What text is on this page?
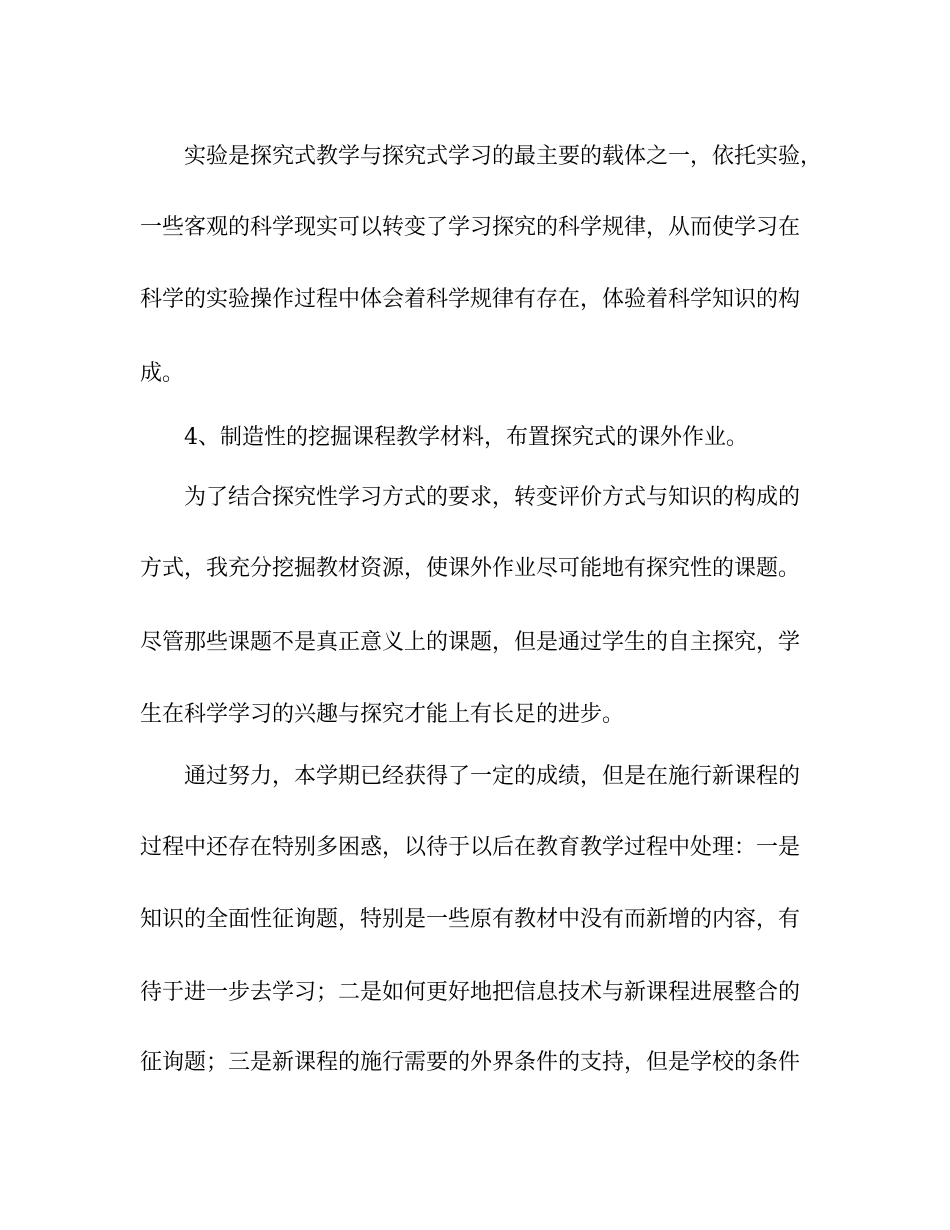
实验是探究式教学与探究式学习的最主要的载体之一，依托实验，

一些客观的科学现实可以转变了学习探究的科学规律，从而使学习在

科学的实验操作过程中体会着科学规律有存在，体验着科学知识的构

成。

4、制造性的挖掘课程教学材料，布置探究式的课外作业。

为了结合探究性学习方式的要求，转变评价方式与知识的构成的

方式，我充分挖掘教材资源，使课外作业尽可能地有探究性的课题。

尽管那些课题不是真正意义上的课题，但是通过学生的自主探究，学

生在科学学习的兴趣与探究才能上有长足的进步。

通过努力，本学期已经获得了一定的成绩，但是在施行新课程的

过程中还存在特别多困惑，以待于以后在教育教学过程中处理：一是

知识的全面性征询题，特别是一些原有教材中没有而新增的内容，有

待于进一步去学习；二是如何更好地把信息技术与新课程进展整合的

征询题；三是新课程的施行需要的外界条件的支持，但是学校的条件
